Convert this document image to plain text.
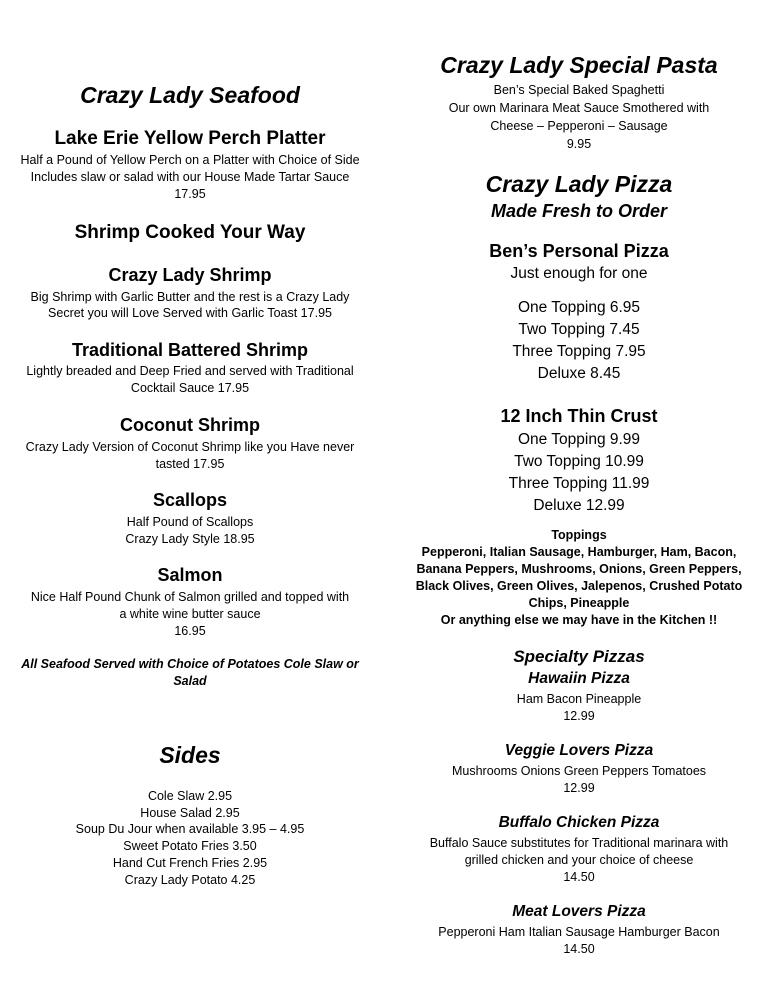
Crazy Lady Seafood
Lake Erie Yellow Perch Platter
Half a Pound of Yellow Perch on a Platter with Choice of Side
Includes slaw or salad with our House Made Tartar Sauce
17.95
Shrimp Cooked Your Way
Crazy Lady Shrimp
Big Shrimp with Garlic Butter and the rest is a Crazy Lady
Secret you will Love Served with Garlic Toast 17.95
Traditional Battered Shrimp
Lightly breaded and Deep Fried and served with Traditional
Cocktail Sauce 17.95
Coconut Shrimp
Crazy Lady Version of Coconut Shrimp like you Have never
tasted 17.95
Scallops
Half Pound of Scallops
Crazy Lady Style 18.95
Salmon
Nice Half Pound Chunk of Salmon grilled and topped with
a white wine butter sauce
16.95
All Seafood Served with Choice of Potatoes Cole Slaw or
Salad
Sides
Cole Slaw 2.95
House Salad 2.95
Soup Du Jour when available 3.95 – 4.95
Sweet Potato Fries 3.50
Hand Cut French Fries 2.95
Crazy Lady Potato 4.25
Crazy Lady Special Pasta
Ben’s Special Baked Spaghetti
Our own Marinara Meat Sauce Smothered with
Cheese – Pepperoni – Sausage
9.95
Crazy Lady Pizza
Made Fresh to Order
Ben’s Personal Pizza
Just enough for one
One Topping 6.95
Two Topping 7.45
Three Topping 7.95
Deluxe 8.45
12 Inch Thin Crust
One Topping 9.99
Two Topping 10.99
Three Topping 11.99
Deluxe 12.99
Toppings
Pepperoni, Italian Sausage, Hamburger, Ham, Bacon,
Banana Peppers, Mushrooms, Onions, Green Peppers,
Black Olives, Green Olives, Jalepenos, Crushed Potato
Chips, Pineapple
Or anything else we may have in the Kitchen !!
Specialty Pizzas
Hawaiin Pizza
Ham Bacon Pineapple
12.99
Veggie Lovers Pizza
Mushrooms Onions Green Peppers Tomatoes
12.99
Buffalo Chicken Pizza
Buffalo Sauce substitutes for Traditional marinara with
grilled chicken and your choice of cheese
14.50
Meat Lovers Pizza
Pepperoni Ham Italian Sausage Hamburger Bacon
14.50
